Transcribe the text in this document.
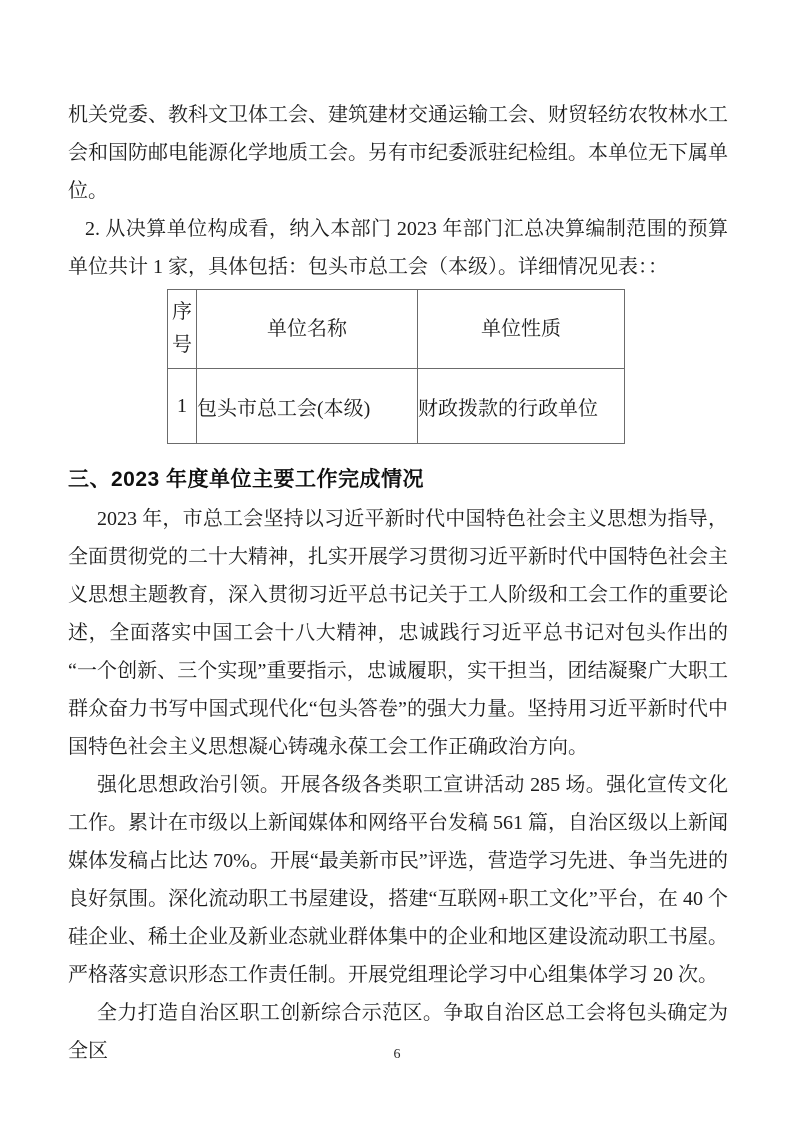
机关党委、教科文卫体工会、建筑建材交通运输工会、财贸轻纺农牧林水工会和国防邮电能源化学地质工会。另有市纪委派驻纪检组。本单位无下属单位。

2. 从决算单位构成看，纳入本部门 2023 年部门汇总决算编制范围的预算单位共计 1 家，具体包括：包头市总工会（本级）。详细情况见表：：

序号	单位名称	单位性质
1	包头市总工会(本级)	财政拨款的行政单位
三、2023 年度单位主要工作完成情况

2023 年，市总工会坚持以习近平新时代中国特色社会主义思想为指导，全面贯彻党的二十大精神，扎实开展学习贯彻习近平新时代中国特色社会主义思想主题教育，深入贯彻习近平总书记关于工人阶级和工会工作的重要论述，全面落实中国工会十八大精神，忠诚践行习近平总书记对包头作出的“一个创新、三个实现”重要指示，忠诚履职，实干担当，团结凝聚广大职工群众奋力书写中国式现代化“包头答卷”的强大力量。坚持用习近平新时代中国特色社会主义思想凝心铸魂永葆工会工作正确政治方向。

强化思想政治引领。开展各级各类职工宣讲活动 285 场。强化宣传文化工作。累计在市级以上新闻媒体和网络平台发稿 561 篇，自治区级以上新闻媒体发稿占比达 70%。开展“最美新市民”评选，营造学习先进、争当先进的良好氛围。深化流动职工书屋建设，搭建“互联网+职工文化”平台，在 40 个硅企业、稀土企业及新业态就业群体集中的企业和地区建设流动职工书屋。严格落实意识形态工作责任制。开展党组理论学习中心组集体学习 20 次。

全力打造自治区职工创新综合示范区。争取自治区总工会将包头确定为全区	6
